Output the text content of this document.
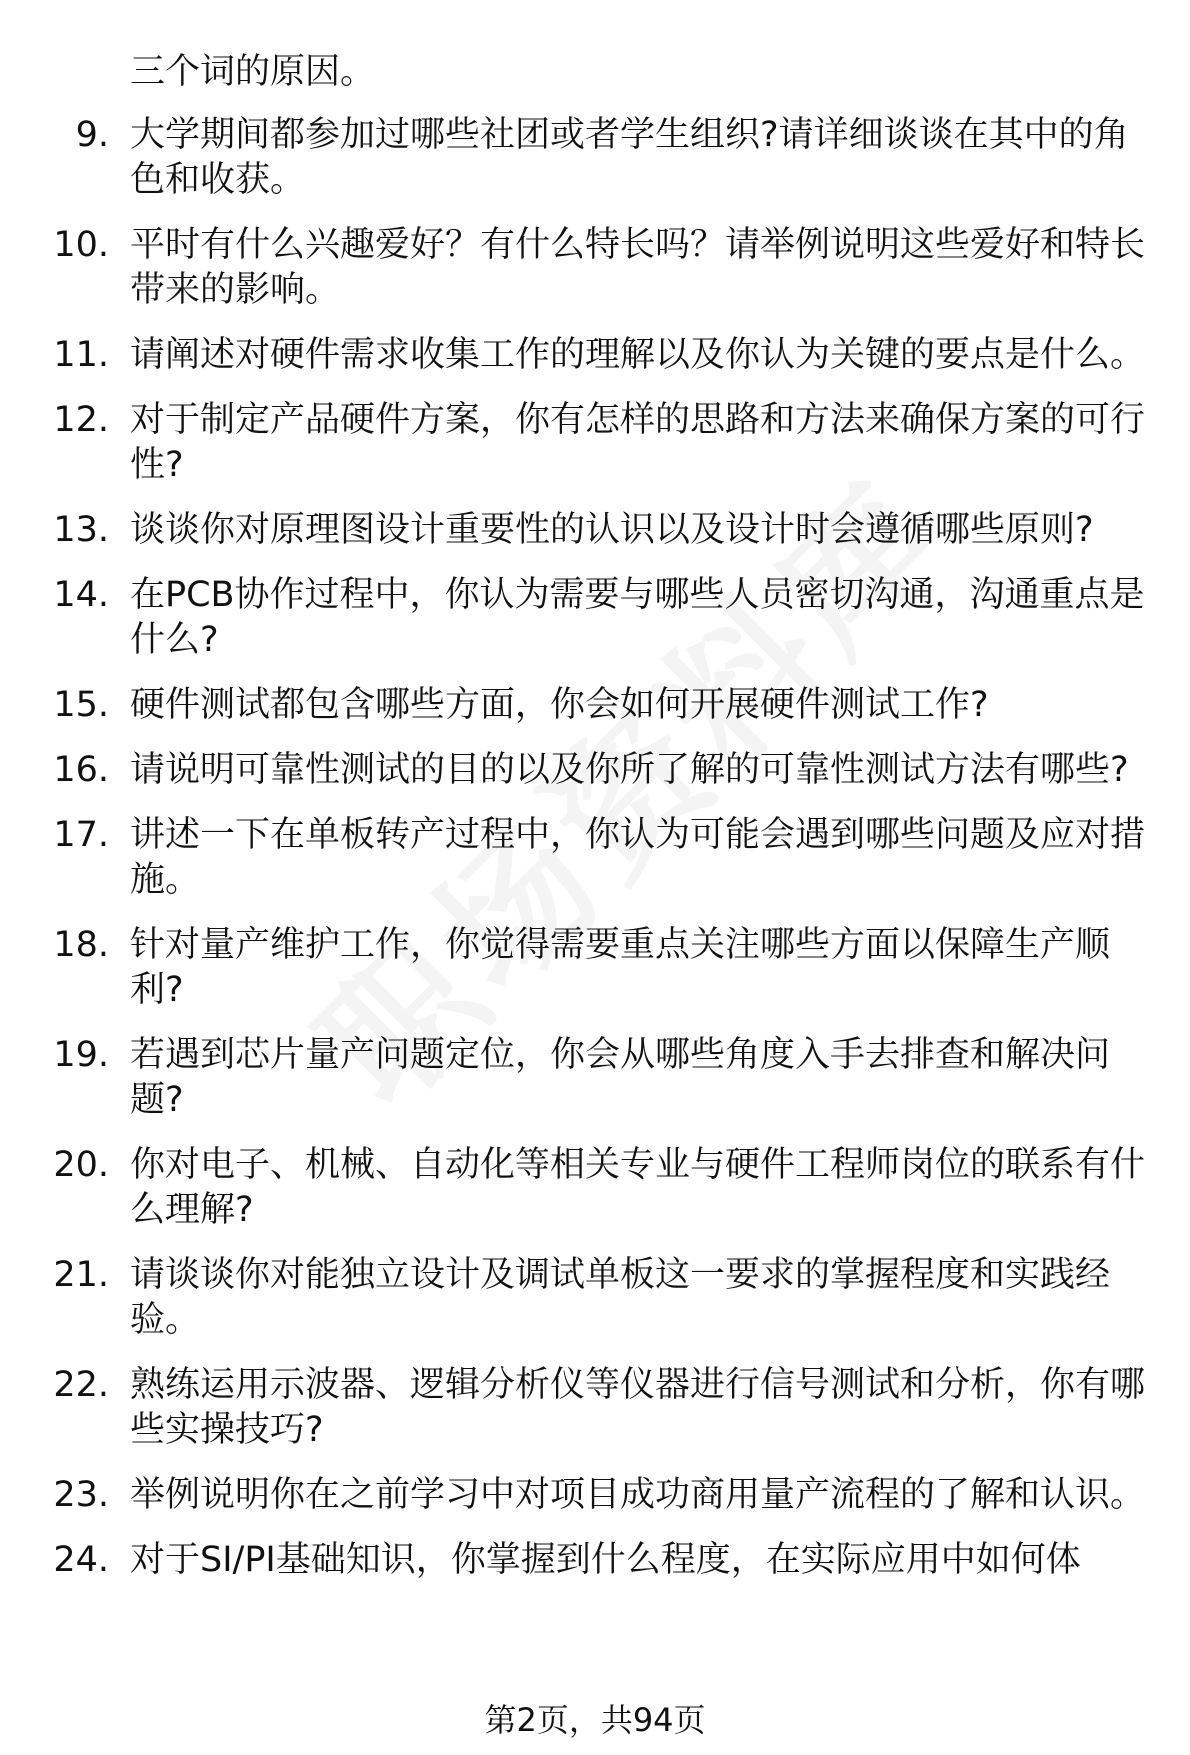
三个词的原因。
9. 大学期间都参加过哪些社团或者学生组织?请详细谈谈在其中的角色和收获。
10. 平时有什么兴趣爱好？有什么特长吗？请举例说明这些爱好和特长带来的影响。
11. 请阐述对硬件需求收集工作的理解以及你认为关键的要点是什么。
12. 对于制定产品硬件方案，你有怎样的思路和方法来确保方案的可行性?
13. 谈谈你对原理图设计重要性的认识以及设计时会遵循哪些原则?
14. 在PCB协作过程中，你认为需要与哪些人员密切沟通，沟通重点是什么?
15. 硬件测试都包含哪些方面，你会如何开展硬件测试工作?
16. 请说明可靠性测试的目的以及你所了解的可靠性测试方法有哪些?
17. 讲述一下在单板转产过程中，你认为可能会遇到哪些问题及应对措施。
18. 针对量产维护工作，你觉得需要重点关注哪些方面以保障生产顺利?
19. 若遇到芯片量产问题定位，你会从哪些角度入手去排查和解决问题?
20. 你对电子、机械、自动化等相关专业与硬件工程师岗位的联系有什么理解?
21. 请谈谈你对能独立设计及调试单板这一要求的掌握程度和实践经验。
22. 熟练运用示波器、逻辑分析仪等仪器进行信号测试和分析，你有哪些实操技巧?
23. 举例说明你在之前学习中对项目成功商用量产流程的了解和认识。
24. 对于SI/PI基础知识，你掌握到什么程度，在实际应用中如何体
第2页，共94页
